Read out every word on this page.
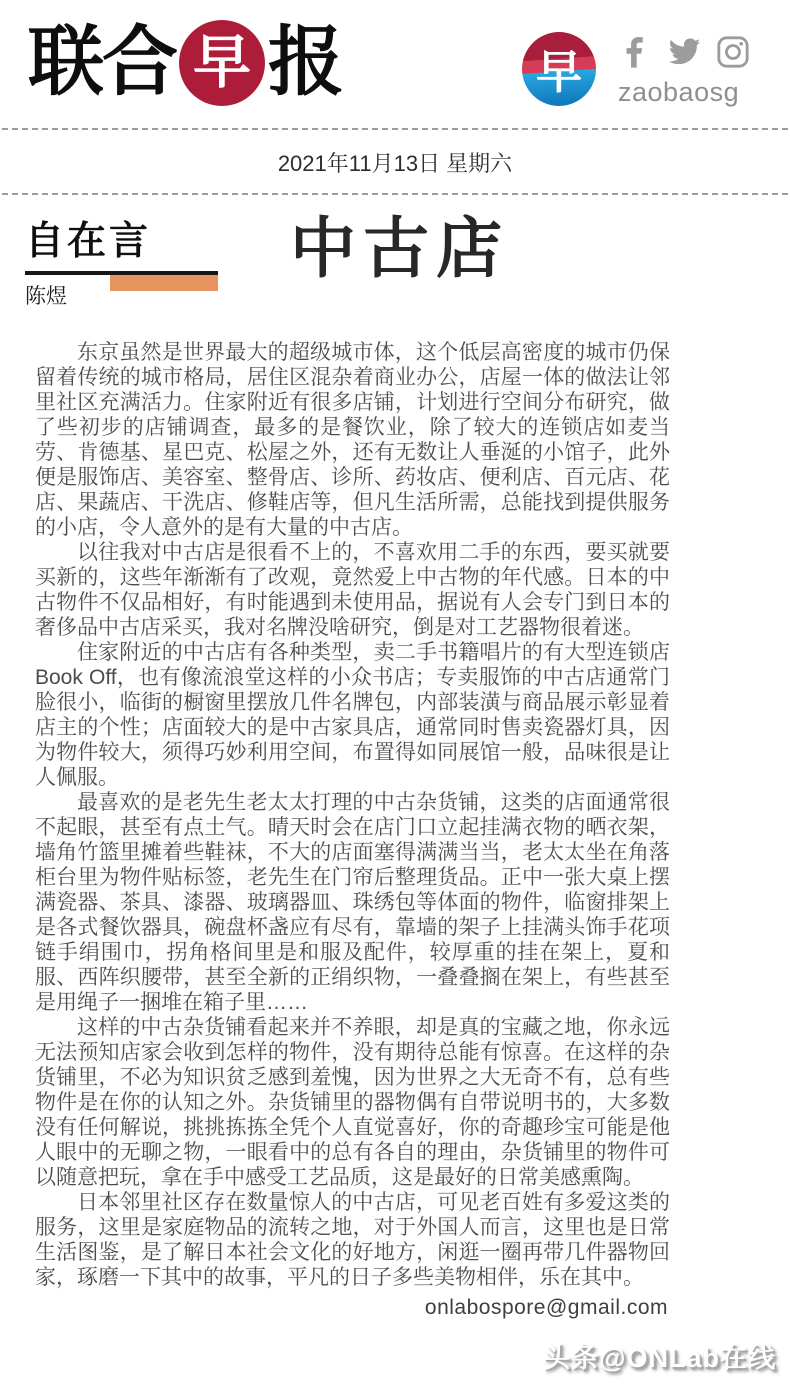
联合 早 报	早 zaobaosg
2021年11月13日 星期六
自在言
陈煜
中古店

东京虽然是世界最大的超级城市体，这个低层高密度的城市仍保留着传统的城市格局，居住区混杂着商业办公，店屋一体的做法让邻里社区充满活力。住家附近有很多店铺，计划进行空间分布研究，做了些初步的店铺调查，最多的是餐饮业，除了较大的连锁店如麦当劳、肯德基、星巴克、松屋之外，还有无数让人垂涎的小馆子，此外便是服饰店、美容室、整骨店、诊所、药妆店、便利店、百元店、花店、果蔬店、干洗店、修鞋店等，但凡生活所需，总能找到提供服务的小店，令人意外的是有大量的中古店。

以往我对中古店是很看不上的，不喜欢用二手的东西，要买就要买新的，这些年渐渐有了改观，竟然爱上中古物的年代感。日本的中古物件不仅品相好，有时能遇到未使用品，据说有人会专门到日本的奢侈品中古店采买，我对名牌没啥研究，倒是对工艺器物很着迷。

住家附近的中古店有各种类型，卖二手书籍唱片的有大型连锁店Book Off，也有像流浪堂这样的小众书店；专卖服饰的中古店通常门脸很小，临街的橱窗里摆放几件名牌包，内部装潢与商品展示彰显着店主的个性；店面较大的是中古家具店，通常同时售卖瓷器灯具，因为物件较大，须得巧妙利用空间，布置得如同展馆一般，品味很是让人佩服。

最喜欢的是老先生老太太打理的中古杂货铺，这类的店面通常很不起眼，甚至有点土气。晴天时会在店门口立起挂满衣物的晒衣架，墙角竹篮里摊着些鞋袜，不大的店面塞得满满当当，老太太坐在角落柜台里为物件贴标签，老先生在门帘后整理货品。正中一张大桌上摆满瓷器、茶具、漆器、玻璃器皿、珠绣包等体面的物件，临窗排架上是各式餐饮器具，碗盘杯盏应有尽有，靠墙的架子上挂满头饰手花项链手绢围巾，拐角格间里是和服及配件，较厚重的挂在架上，夏和服、西阵织腰带，甚至全新的正绢织物，一叠叠搁在架上，有些甚至是用绳子一捆堆在箱子里……

这样的中古杂货铺看起来并不养眼，却是真的宝藏之地，你永远无法预知店家会收到怎样的物件，没有期待总能有惊喜。在这样的杂货铺里，不必为知识贫乏感到羞愧，因为世界之大无奇不有，总有些物件是在你的认知之外。杂货铺里的器物偶有自带说明书的，大多数没有任何解说，挑挑拣拣全凭个人直觉喜好，你的奇趣珍宝可能是他人眼中的无聊之物，一眼看中的总有各自的理由，杂货铺里的物件可以随意把玩，拿在手中感受工艺品质，这是最好的日常美感熏陶。

日本邻里社区存在数量惊人的中古店，可见老百姓有多爱这类的服务，这里是家庭物品的流转之地，对于外国人而言，这里也是日常生活图鉴，是了解日本社会文化的好地方，闲逛一圈再带几件器物回家，琢磨一下其中的故事，平凡的日子多些美物相伴，乐在其中。

onlabospore@gmail.com
头条@ONLab在线
